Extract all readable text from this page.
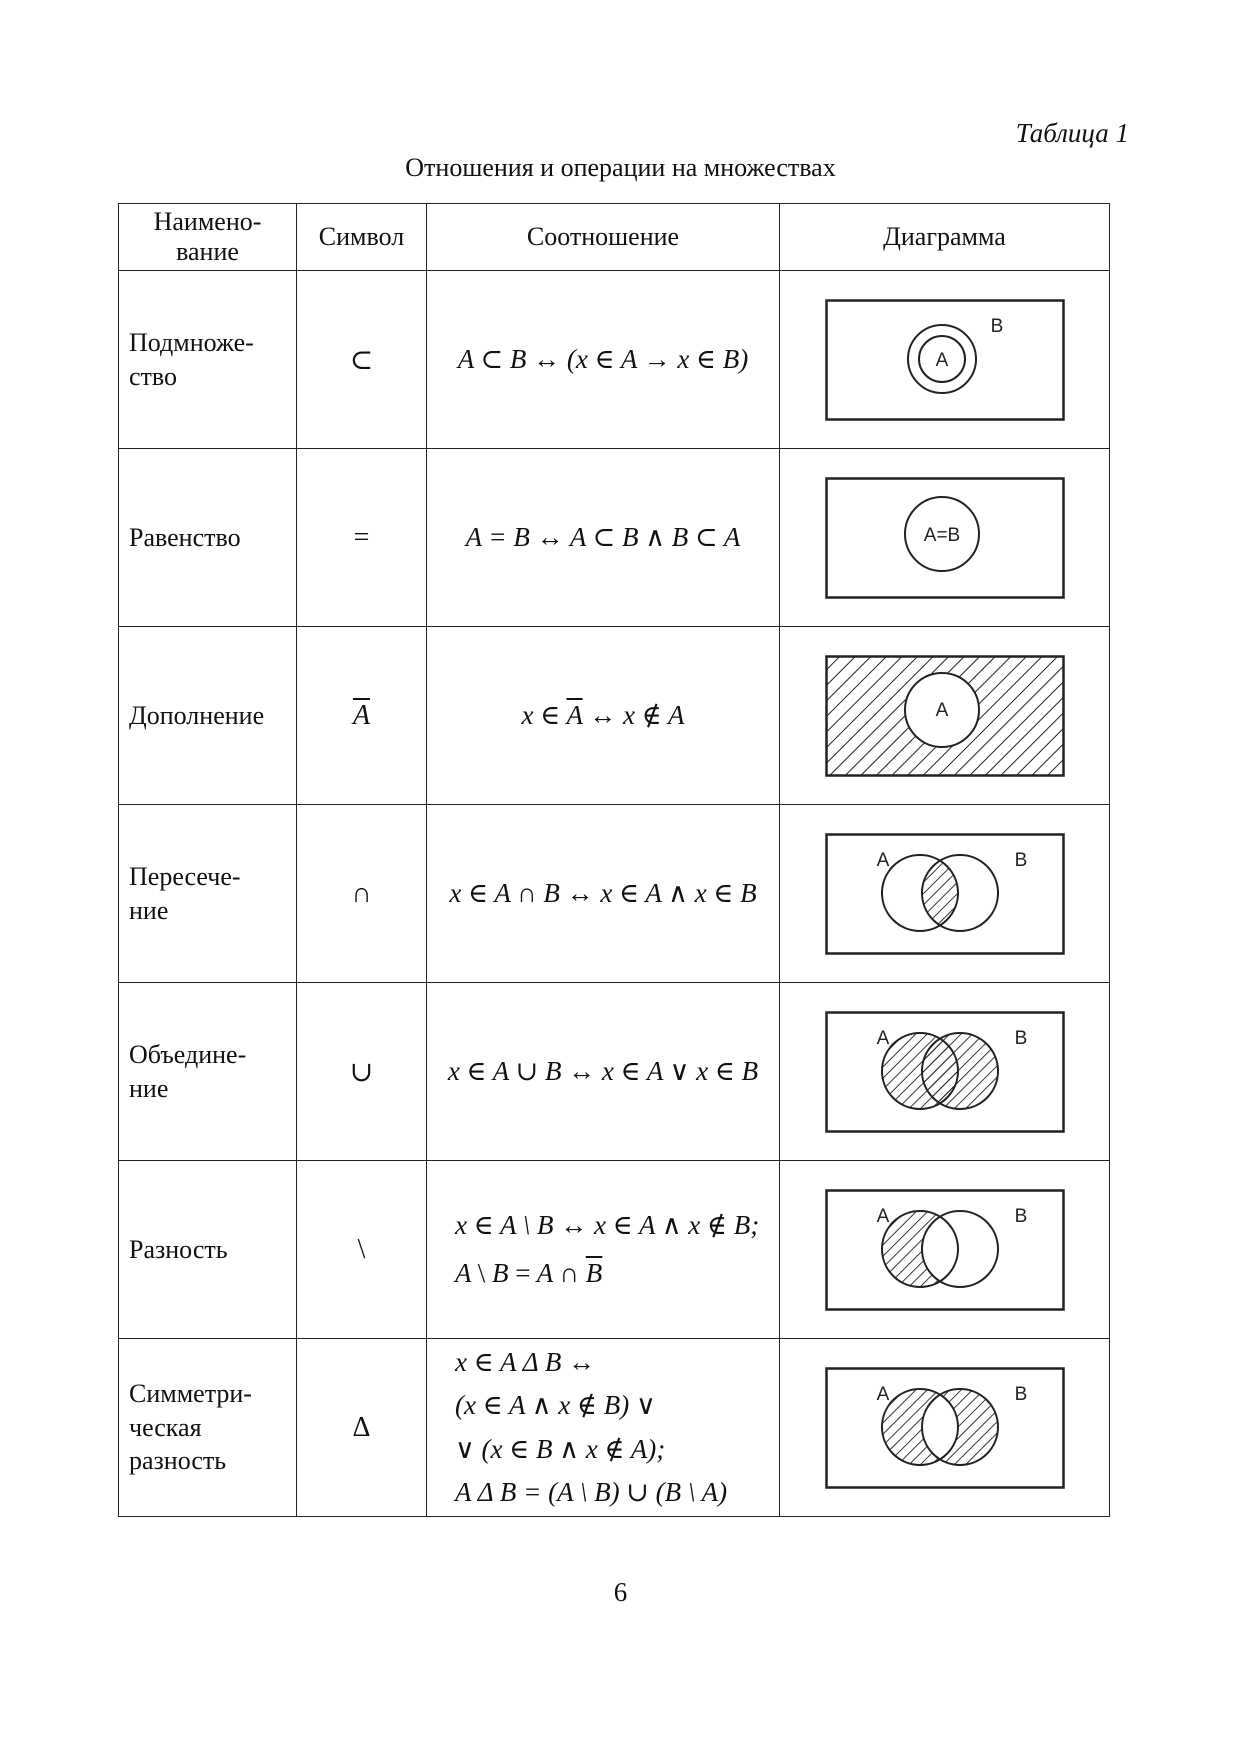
Таблица 1
Отношения и операции на множествах
Наимено-
вание	Символ	Соотношение	Диаграмма
Подмноже-
ство	⊂	A ⊂ B ↔ (x ∈ A → x ∈ B)	A
B

Равенство	=	A = B ↔ A ⊂ B ∧ B ⊂ A	A=B

Дополнение	$\overline{A}$	x ∈ $\overline{A}$ ↔ x ∉ A	A

Пересече-
ние	∩	x ∈ A ∩ B ↔ x ∈ A ∧ x ∈ B	A B

Объедине-
ние	∪	x ∈ A ∪ B ↔ x ∈ A ∨ x ∈ B	A B

Разность	\	x ∈ A \ B ↔ x ∈ A ∧ x ∉ B;
A \ B = A ∩ $\overline{B}$	A B

Симметри-
ческая
разность	Δ	x ∈ A Δ B ↔
(x ∈ A ∧ x ∉ B) ∨
∨ (x ∈ B ∧ x ∉ A);
A Δ B = (A \ B) ∪ (B \ A)	A B
6
